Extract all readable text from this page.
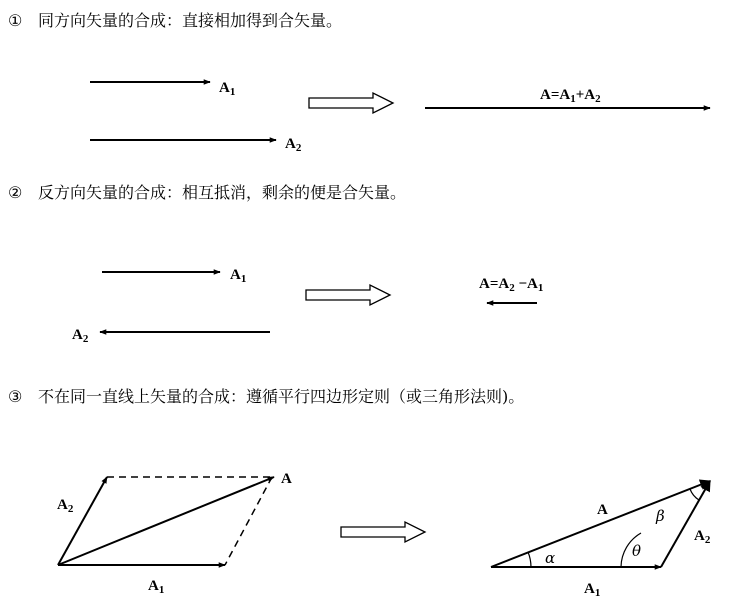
① 同方向矢量的合成：直接相加得到合矢量。
② 反方向矢量的合成：相互抵消，剩余的便是合矢量。
③ 不在同一直线上矢量的合成：遵循平行四边形定则（或三角形法则)。
$A_1$
$A_2$
$A=A_1+A_2$
$A_1$
$A_2$
$A=A_2 -A_1$
A
$A_2$
$A_1$
α	θ
β
A
$A_2$
$A_1$
